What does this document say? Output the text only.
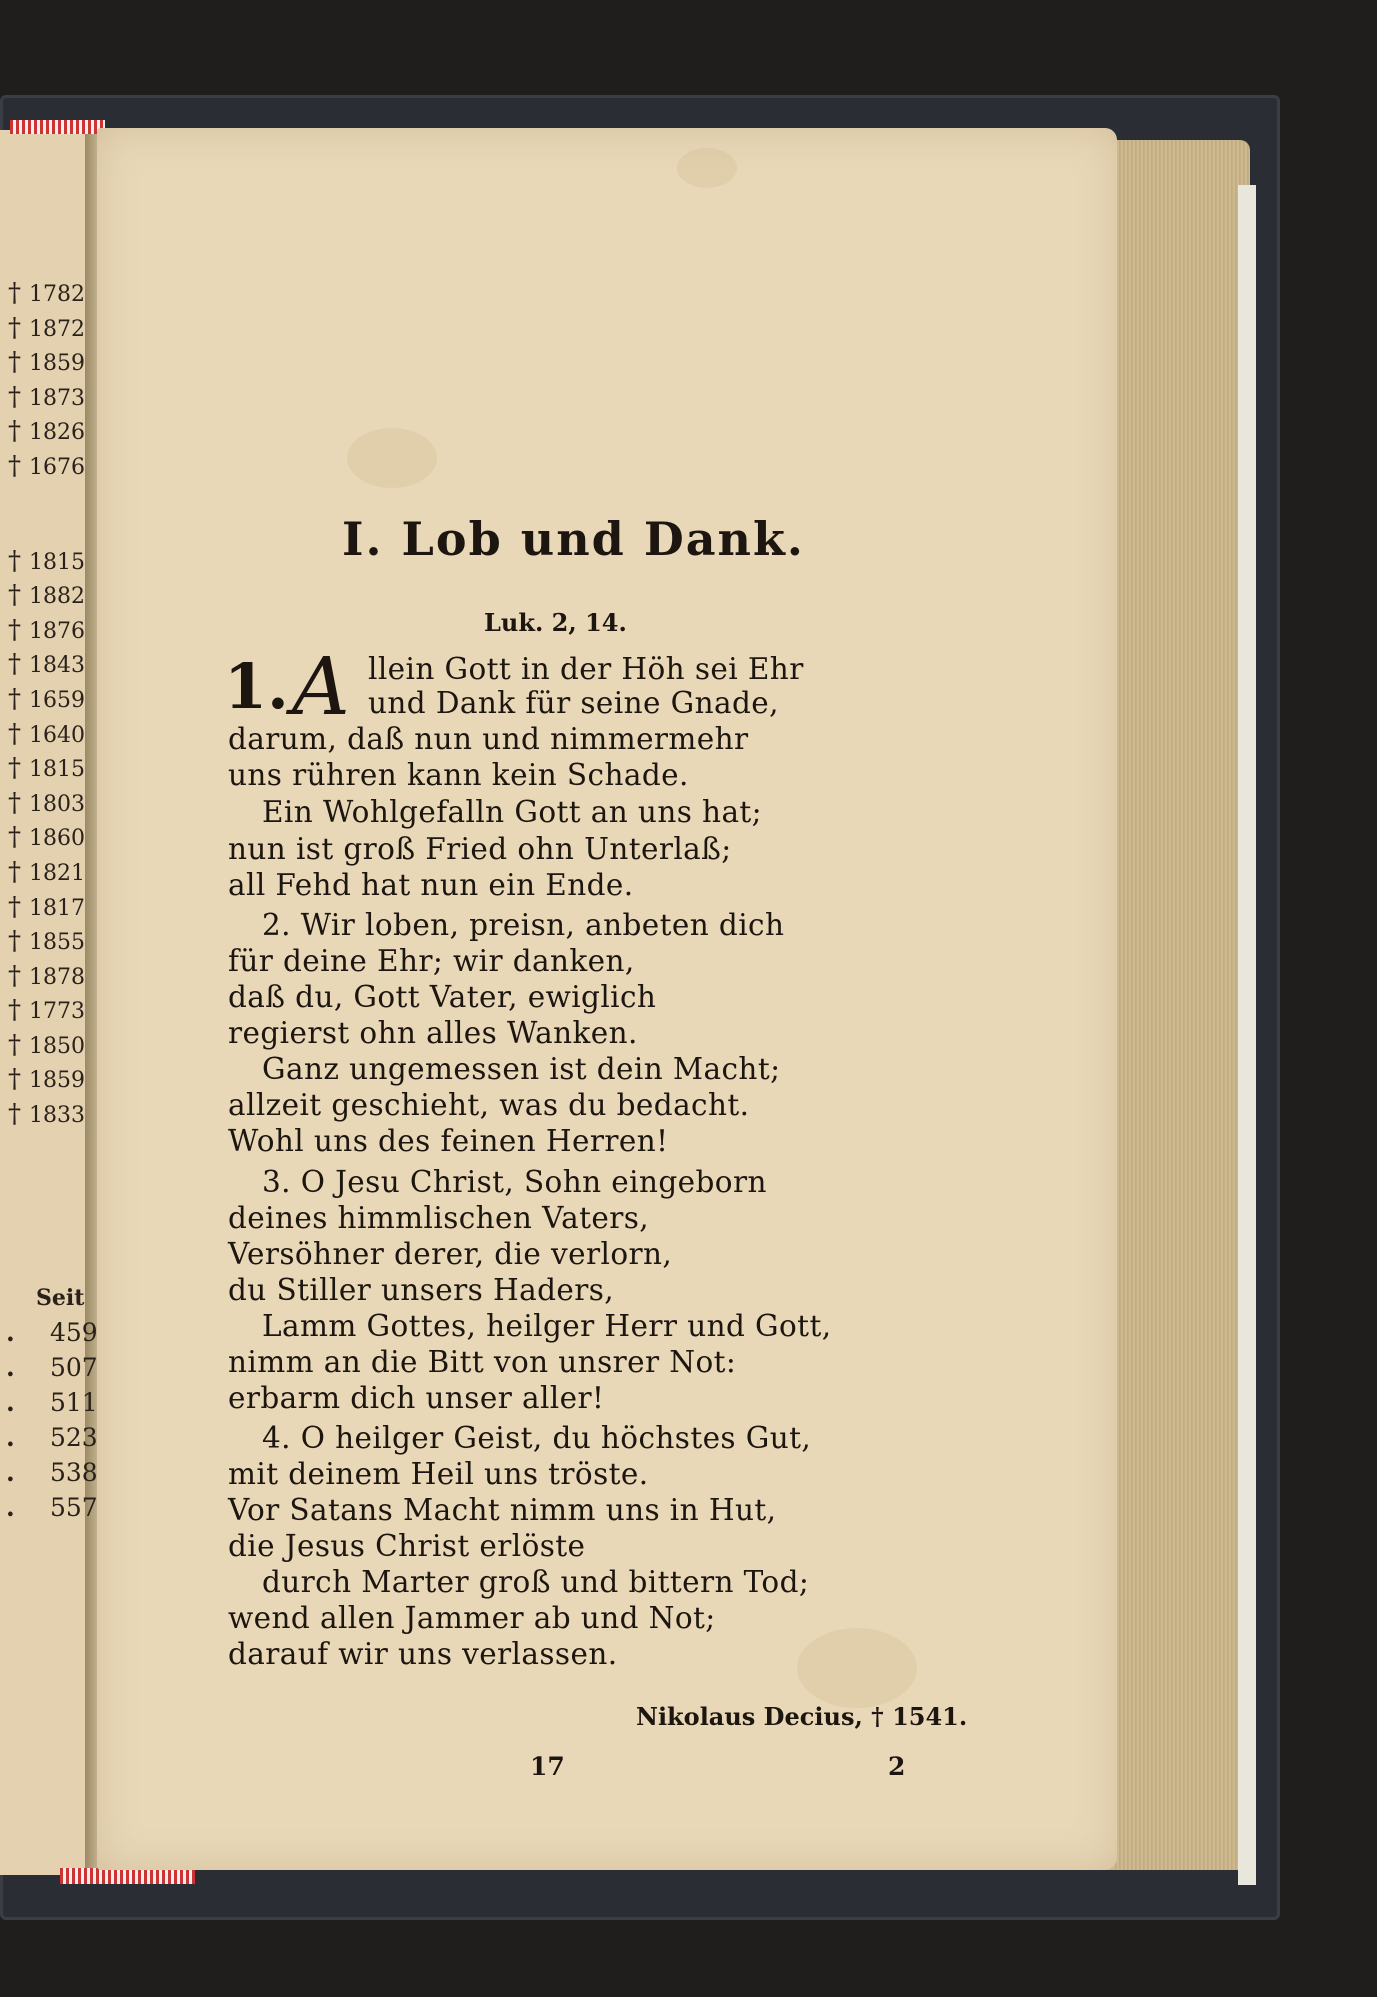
† 1782
† 1872
† 1859
† 1873
† 1826
† 1676
† 1815
† 1882
† 1876
† 1843
† 1659
† 1640
† 1815
† 1803
† 1860
† 1821
† 1817
† 1855
† 1878
† 1773
† 1850
† 1859
† 1833
Seit
. 459
. 507
. 511
. 523
. 538
. 557
I. Lob und Dank.
Luk. 2, 14.
1. A llein Gott in der Höh sei Ehr
und Dank für seine Gnade,
darum, daß nun und nimmermehr
uns rühren kann kein Schade.
Ein Wohlgefalln Gott an uns hat;
nun ist groß Fried ohn Unterlaß;
all Fehd hat nun ein Ende.
2. Wir loben, preisn, anbeten dich
für deine Ehr; wir danken,
daß du, Gott Vater, ewiglich
regierst ohn alles Wanken.
Ganz ungemessen ist dein Macht;
allzeit geschieht, was du bedacht.
Wohl uns des feinen Herren!
3. O Jesu Christ, Sohn eingeborn
deines himmlischen Vaters,
Versöhner derer, die verlorn,
du Stiller unsers Haders,
Lamm Gottes, heilger Herr und Gott,
nimm an die Bitt von unsrer Not:
erbarm dich unser aller!
4. O heilger Geist, du höchstes Gut,
mit deinem Heil uns tröste.
Vor Satans Macht nimm uns in Hut,
die Jesus Christ erlöste
durch Marter groß und bittern Tod;
wend allen Jammer ab und Not;
darauf wir uns verlassen.
Nikolaus Decius, † 1541.
17	2
